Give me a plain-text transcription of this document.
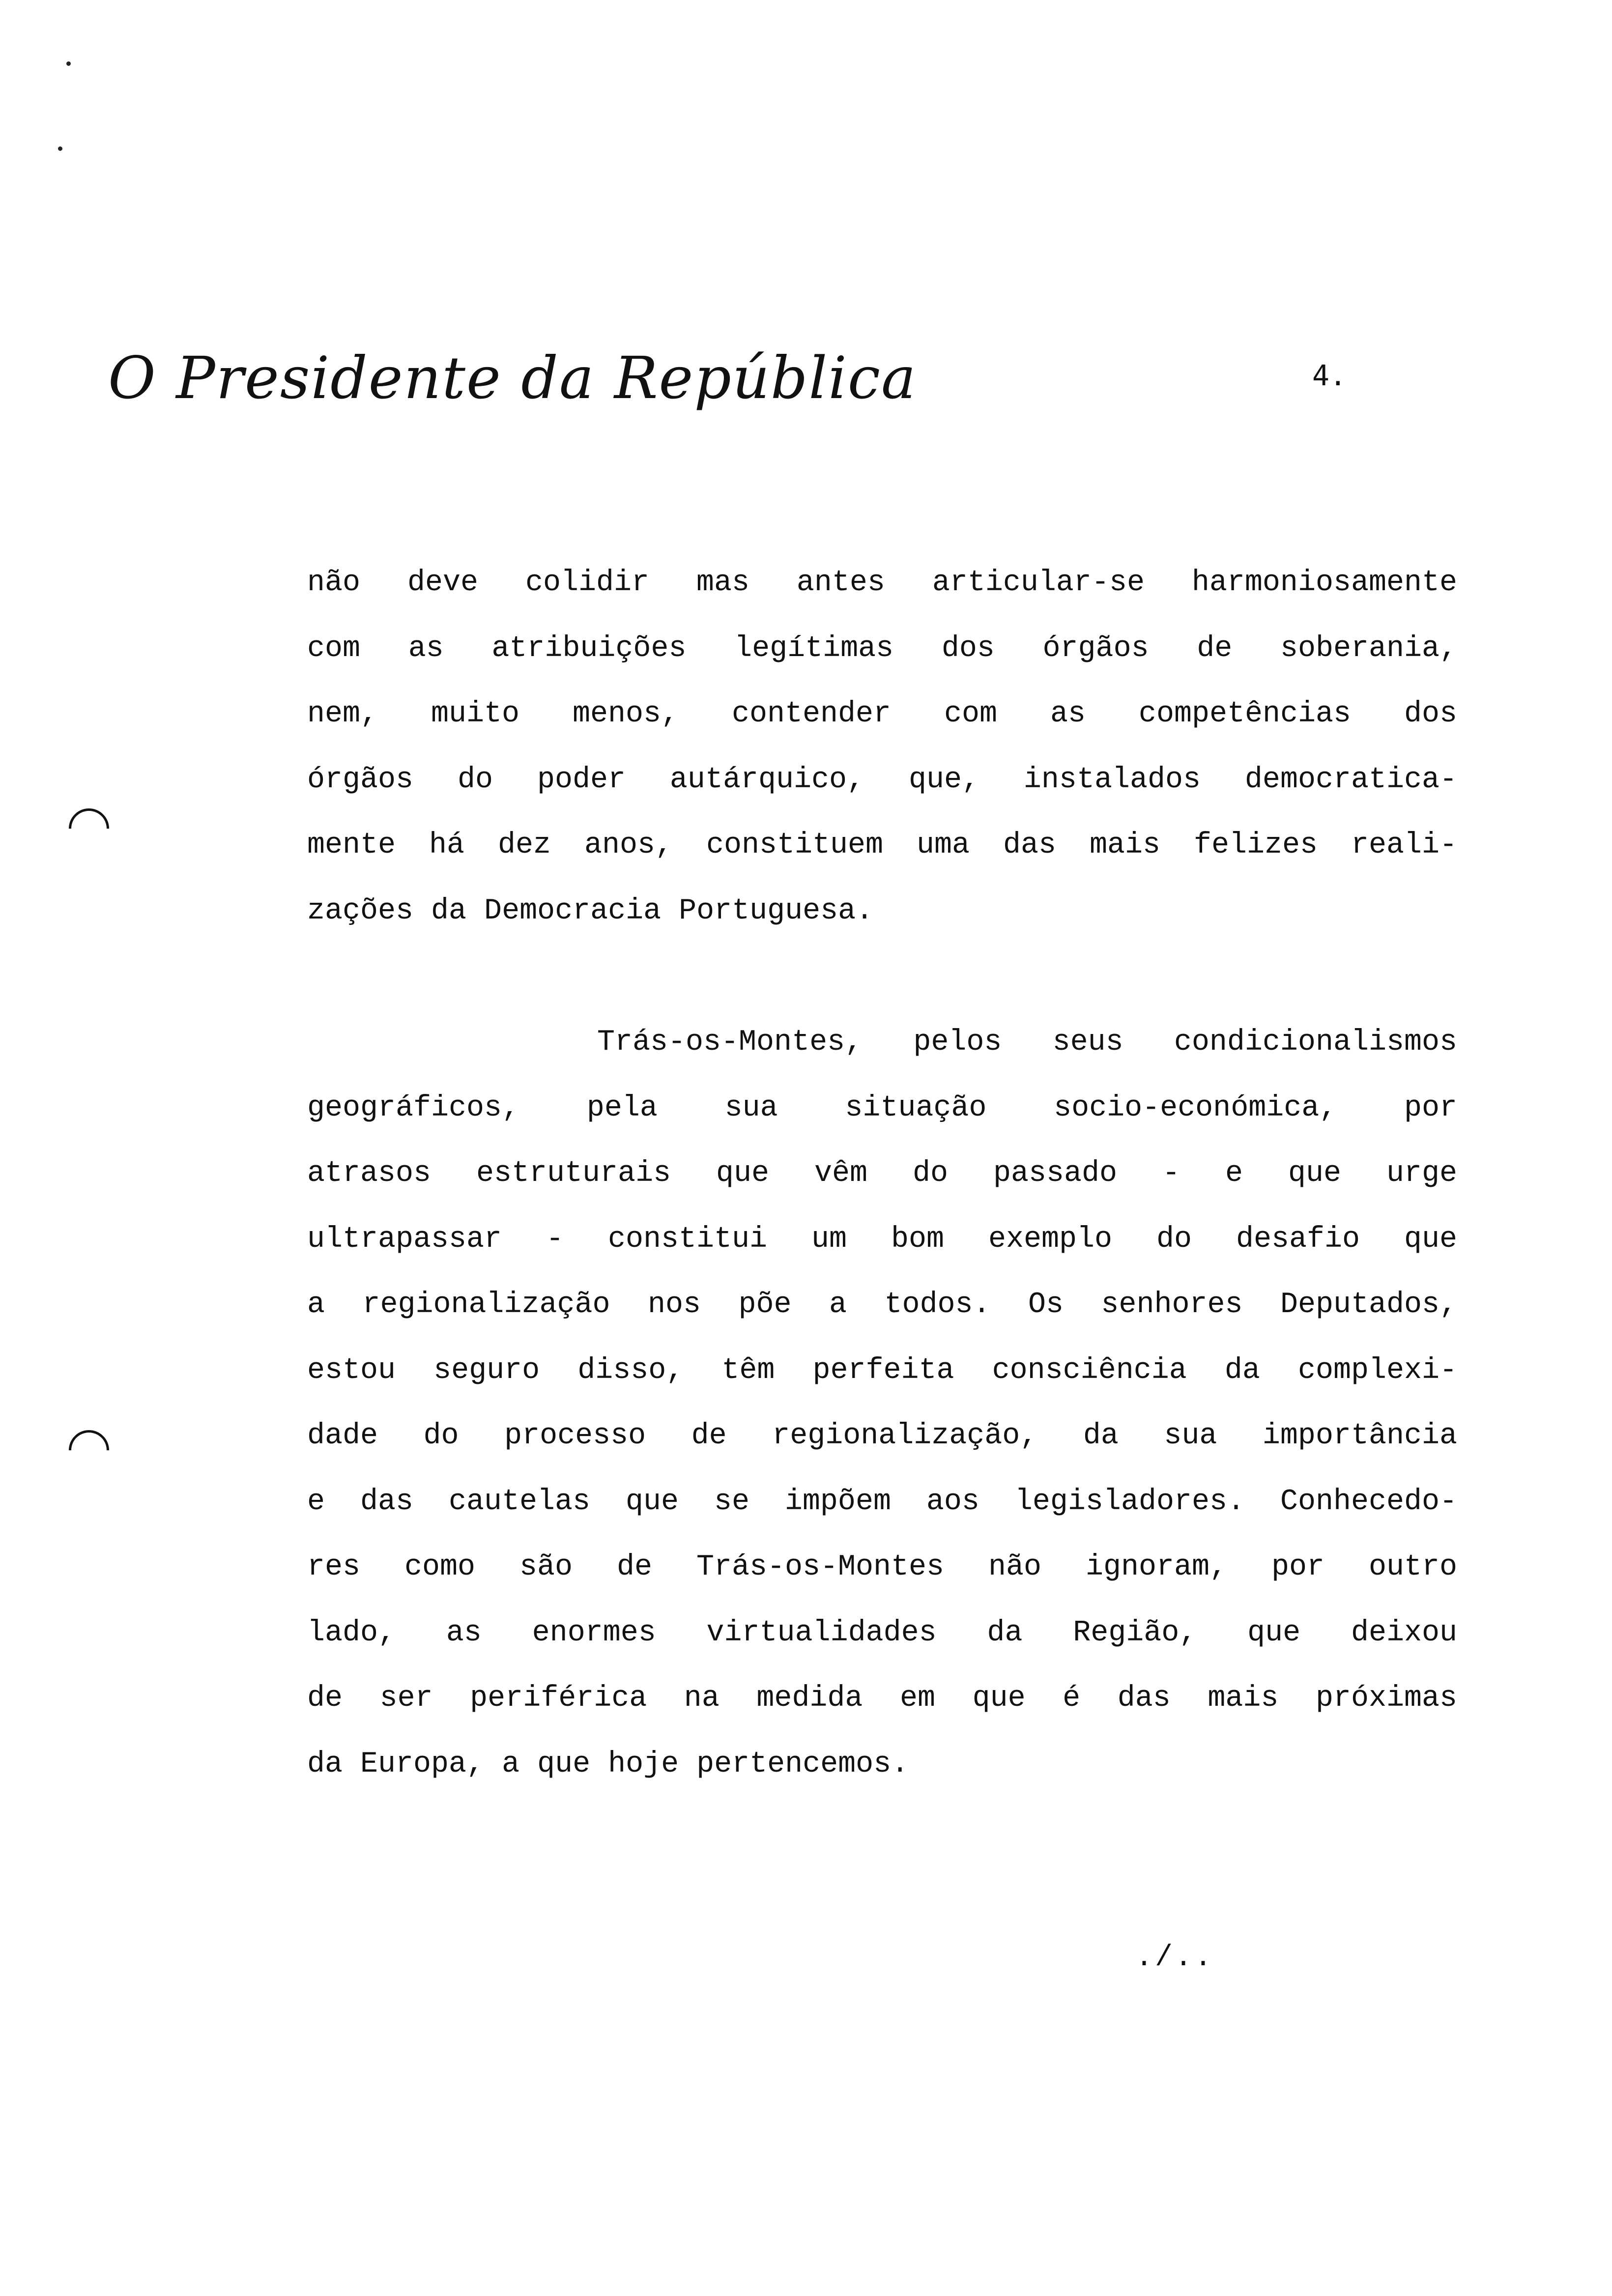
O Presidente da República	4.
não deve colidir mas antes articular-se harmoniosamente
com as atribuições legítimas dos órgãos de soberania,
nem, muito menos, contender com as competências dos
órgãos do poder autárquico, que, instalados democratica-
mente há dez anos, constituem uma das mais felizes reali-
zações da Democracia Portuguesa.
Trás-os-Montes, pelos seus condicionalismos
geográficos, pela sua situação socio-económica, por
atrasos estruturais que vêm do passado - e que urge
ultrapassar - constitui um bom exemplo do desafio que
a regionalização nos põe a todos. Os senhores Deputados,
estou seguro disso, têm perfeita consciência da complexi-
dade do processo de regionalização, da sua importância
e das cautelas que se impõem aos legisladores. Conhecedo-
res como são de Trás-os-Montes não ignoram, por outro
lado, as enormes virtualidades da Região, que deixou
de ser periférica na medida em que é das mais próximas
da Europa, a que hoje pertencemos.
./..
